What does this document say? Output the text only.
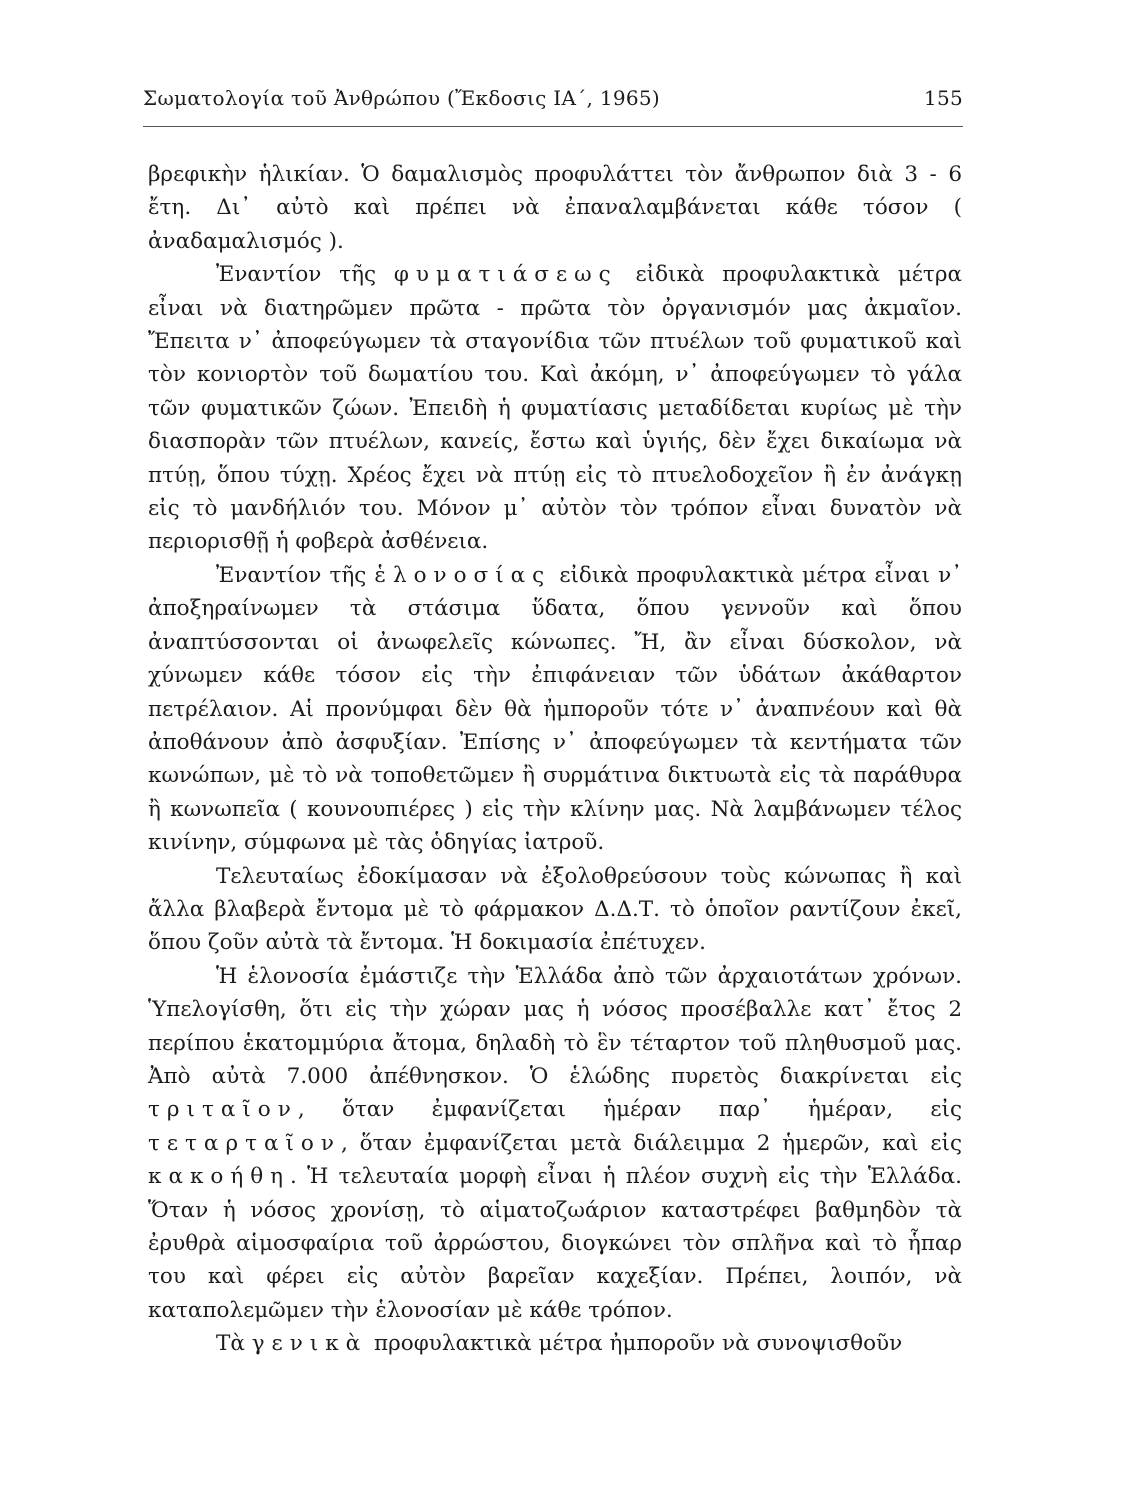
Σωματολογία τοῦ Ἀνθρώπου (Ἔκδοσις ΙΑ΄, 1965)	155

βρεφικὴν ἡλικίαν. Ὁ δαμαλισμὸς προφυλάττει τὸν ἄνθρωπον διὰ 3 - 6 ἔτη. Δι᾽ αὐτὸ καὶ πρέπει νὰ ἐπαναλαμβάνεται κάθε τόσον ( ἀναδαμαλισμός ).

Ἐναντίον τῆς φυματιάσεως εἰδικὰ προφυλακτικὰ μέτρα εἶναι νὰ διατηρῶμεν πρῶτα - πρῶτα τὸν ὀργανισμόν μας ἀκμαῖον. Ἔπειτα ν᾽ ἀποφεύγωμεν τὰ σταγονίδια τῶν πτυέλων τοῦ φυματικοῦ καὶ τὸν κονιορτὸν τοῦ δωματίου του. Καὶ ἀκόμη, ν᾽ ἀποφεύγωμεν τὸ γάλα τῶν φυματικῶν ζώων. Ἐπειδὴ ἡ φυματίασις μεταδίδεται κυρίως μὲ τὴν διασπορὰν τῶν πτυέλων, κανείς, ἔστω καὶ ὑγιής, δὲν ἔχει δικαίωμα νὰ πτύῃ, ὅπου τύχῃ. Χρέος ἔχει νὰ πτύῃ εἰς τὸ πτυελοδοχεῖον ἢ ἐν ἀνάγκῃ εἰς τὸ μανδήλιόν του. Μόνον μ᾽ αὐτὸν τὸν τρόπον εἶναι δυνατὸν νὰ περιορισθῇ ἡ φοβερὰ ἀσθένεια.

Ἐναντίον τῆς ἑλονοσίας εἰδικὰ προφυλακτικὰ μέτρα εἶναι ν᾽ ἀποξηραίνωμεν τὰ στάσιμα ὕδατα, ὅπου γεννοῦν καὶ ὅπου ἀναπτύσσονται οἱ ἀνωφελεῖς κώνωπες. Ἤ, ἂν εἶναι δύσκολον, νὰ χύνωμεν κάθε τόσον εἰς τὴν ἐπιφάνειαν τῶν ὑδάτων ἀκάθαρτον πετρέλαιον. Αἱ προνύμφαι δὲν θὰ ἠμποροῦν τότε ν᾽ ἀναπνέουν καὶ θὰ ἀποθάνουν ἀπὸ ἀσφυξίαν. Ἐπίσης ν᾽ ἀποφεύγωμεν τὰ κεντήματα τῶν κωνώπων, μὲ τὸ νὰ τοποθετῶμεν ἢ συρμάτινα δικτυωτὰ εἰς τὰ παράθυρα ἢ κωνωπεῖα ( κουνουπιέρες ) εἰς τὴν κλίνην μας. Νὰ λαμβάνωμεν τέλος κινίνην, σύμφωνα μὲ τὰς ὁδηγίας ἰατροῦ.

Τελευταίως ἐδοκίμασαν νὰ ἐξολοθρεύσουν τοὺς κώνωπας ἢ καὶ ἄλλα βλαβερὰ ἔντομα μὲ τὸ φάρμακον Δ.Δ.Τ. τὸ ὁποῖον ραντίζουν ἐκεῖ, ὅπου ζοῦν αὐτὰ τὰ ἔντομα. Ἡ δοκιμασία ἐπέτυχεν.

Ἡ ἑλονοσία ἐμάστιζε τὴν Ἑλλάδα ἀπὸ τῶν ἀρχαιοτάτων χρόνων. Ὑπελογίσθη, ὅτι εἰς τὴν χώραν μας ἡ νόσος προσέβαλλε κατ᾽ ἔτος 2 περίπου ἑκατομμύρια ἄτομα, δηλαδὴ τὸ ἓν τέταρτον τοῦ πληθυσμοῦ μας. Ἀπὸ αὐτὰ 7.000 ἀπέθνησκον. Ὁ ἑλώδης πυρετὸς διακρίνεται εἰς τριταῖον, ὅταν ἐμφανίζεται ἡμέραν παρ᾽ ἡμέραν, εἰς τεταρταῖον, ὅταν ἐμφανίζεται μετὰ διάλειμμα 2 ἡμερῶν, καὶ εἰς κακοήθη. Ἡ τελευταία μορφὴ εἶναι ἡ πλέον συχνὴ εἰς τὴν Ἑλλάδα. Ὅταν ἡ νόσος χρονίσῃ, τὸ αἱματοζωάριον καταστρέφει βαθμηδὸν τὰ ἐρυθρὰ αἱμοσφαίρια τοῦ ἀρρώστου, διογκώνει τὸν σπλῆνα καὶ τὸ ἧπαρ του καὶ φέρει εἰς αὐτὸν βαρεῖαν καχεξίαν. Πρέπει, λοιπόν, νὰ καταπολεμῶμεν τὴν ἑλονοσίαν μὲ κάθε τρόπον.

Τὰ γενικὰ προφυλακτικὰ μέτρα ἠμποροῦν νὰ συνοψισθοῦν
